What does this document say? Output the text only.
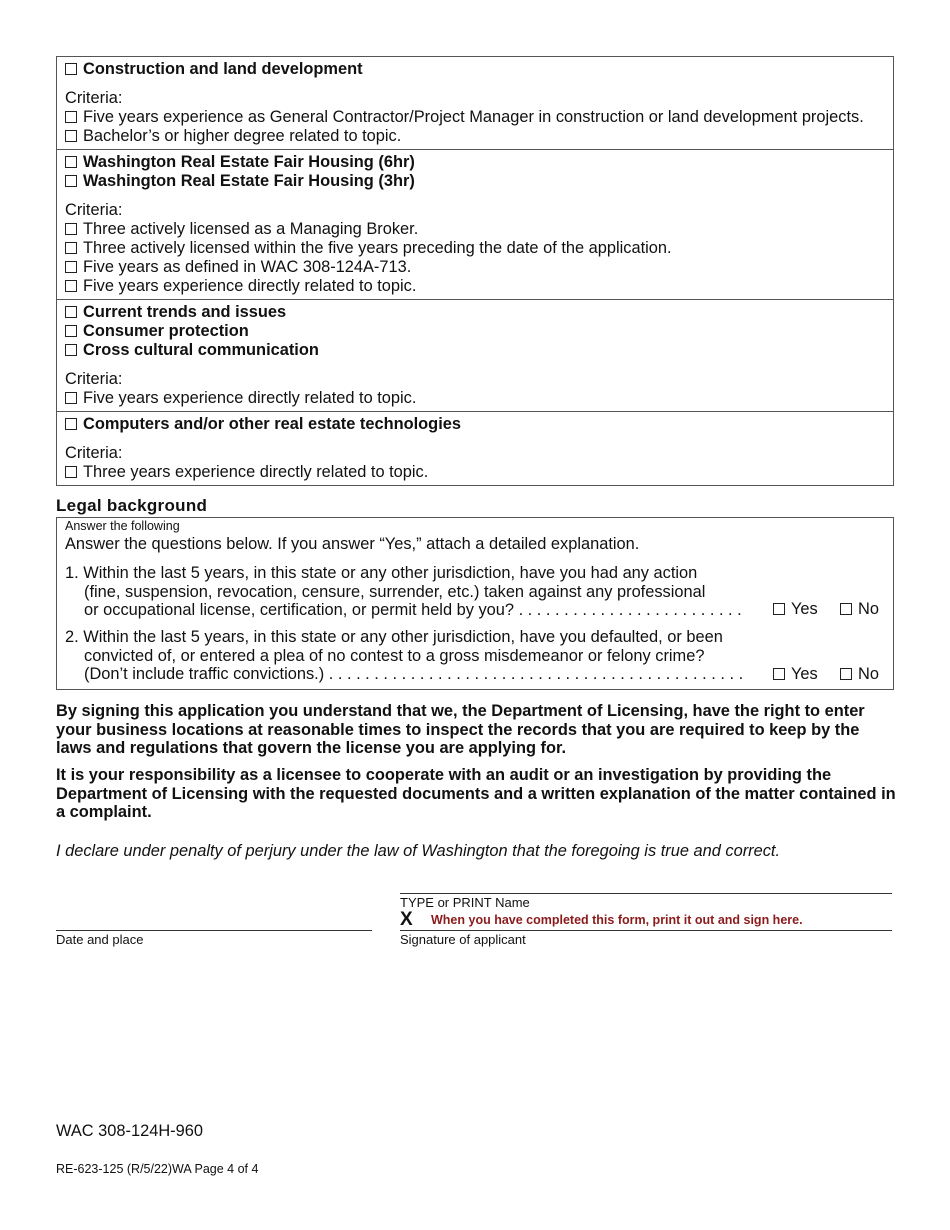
Construction and land development
Criteria:
Five years experience as General Contractor/Project Manager in construction or land development projects.
Bachelor’s or higher degree related to topic.
Washington Real Estate Fair Housing (6hr)
Washington Real Estate Fair Housing (3hr)
Criteria:
Three actively licensed as a Managing Broker.
Three actively licensed within the five years preceding the date of the application.
Five years as defined in WAC 308-124A-713.
Five years experience directly related to topic.
Current trends and issues
Consumer protection
Cross cultural communication
Criteria:
Five years experience directly related to topic.
Computers and/or other real estate technologies
Criteria:
Three years experience directly related to topic.
Legal background
Answer the following
Answer the questions below. If you answer “Yes,” attach a detailed explanation.
1. Within the last 5 years, in this state or any other jurisdiction, have you had any action
(fine, suspension, revocation, censure, surrender, etc.) taken against any professional
or occupational license, certification, or permit held by you? . . . . . . . . . . . . . . . . . . . . . . . . .	Yes	No
2. Within the last 5 years, in this state or any other jurisdiction, have you defaulted, or been
convicted of, or entered a plea of no contest to a gross misdemeanor or felony crime?
(Don’t include traffic convictions.) . . . . . . . . . . . . . . . . . . . . . . . . . . . . . . . . . . . . . . . . . . . . . .	Yes	No
By signing this application you understand that we, the Department of Licensing, have the right to enter your business locations at reasonable times to inspect the records that you are required to keep by the laws and regulations that govern the license you are applying for.
It is your responsibility as a licensee to cooperate with an audit or an investigation by providing the Department of Licensing with the requested documents and a written explanation of the matter contained in a complaint.
I declare under penalty of perjury under the law of Washington that the foregoing is true and correct.
TYPE or PRINT Name
X When you have completed this form, print it out and sign here.
Signature of applicant
Date and place
WAC 308-124H-960
RE-623-125 (R/5/22)WA Page 4 of 4
